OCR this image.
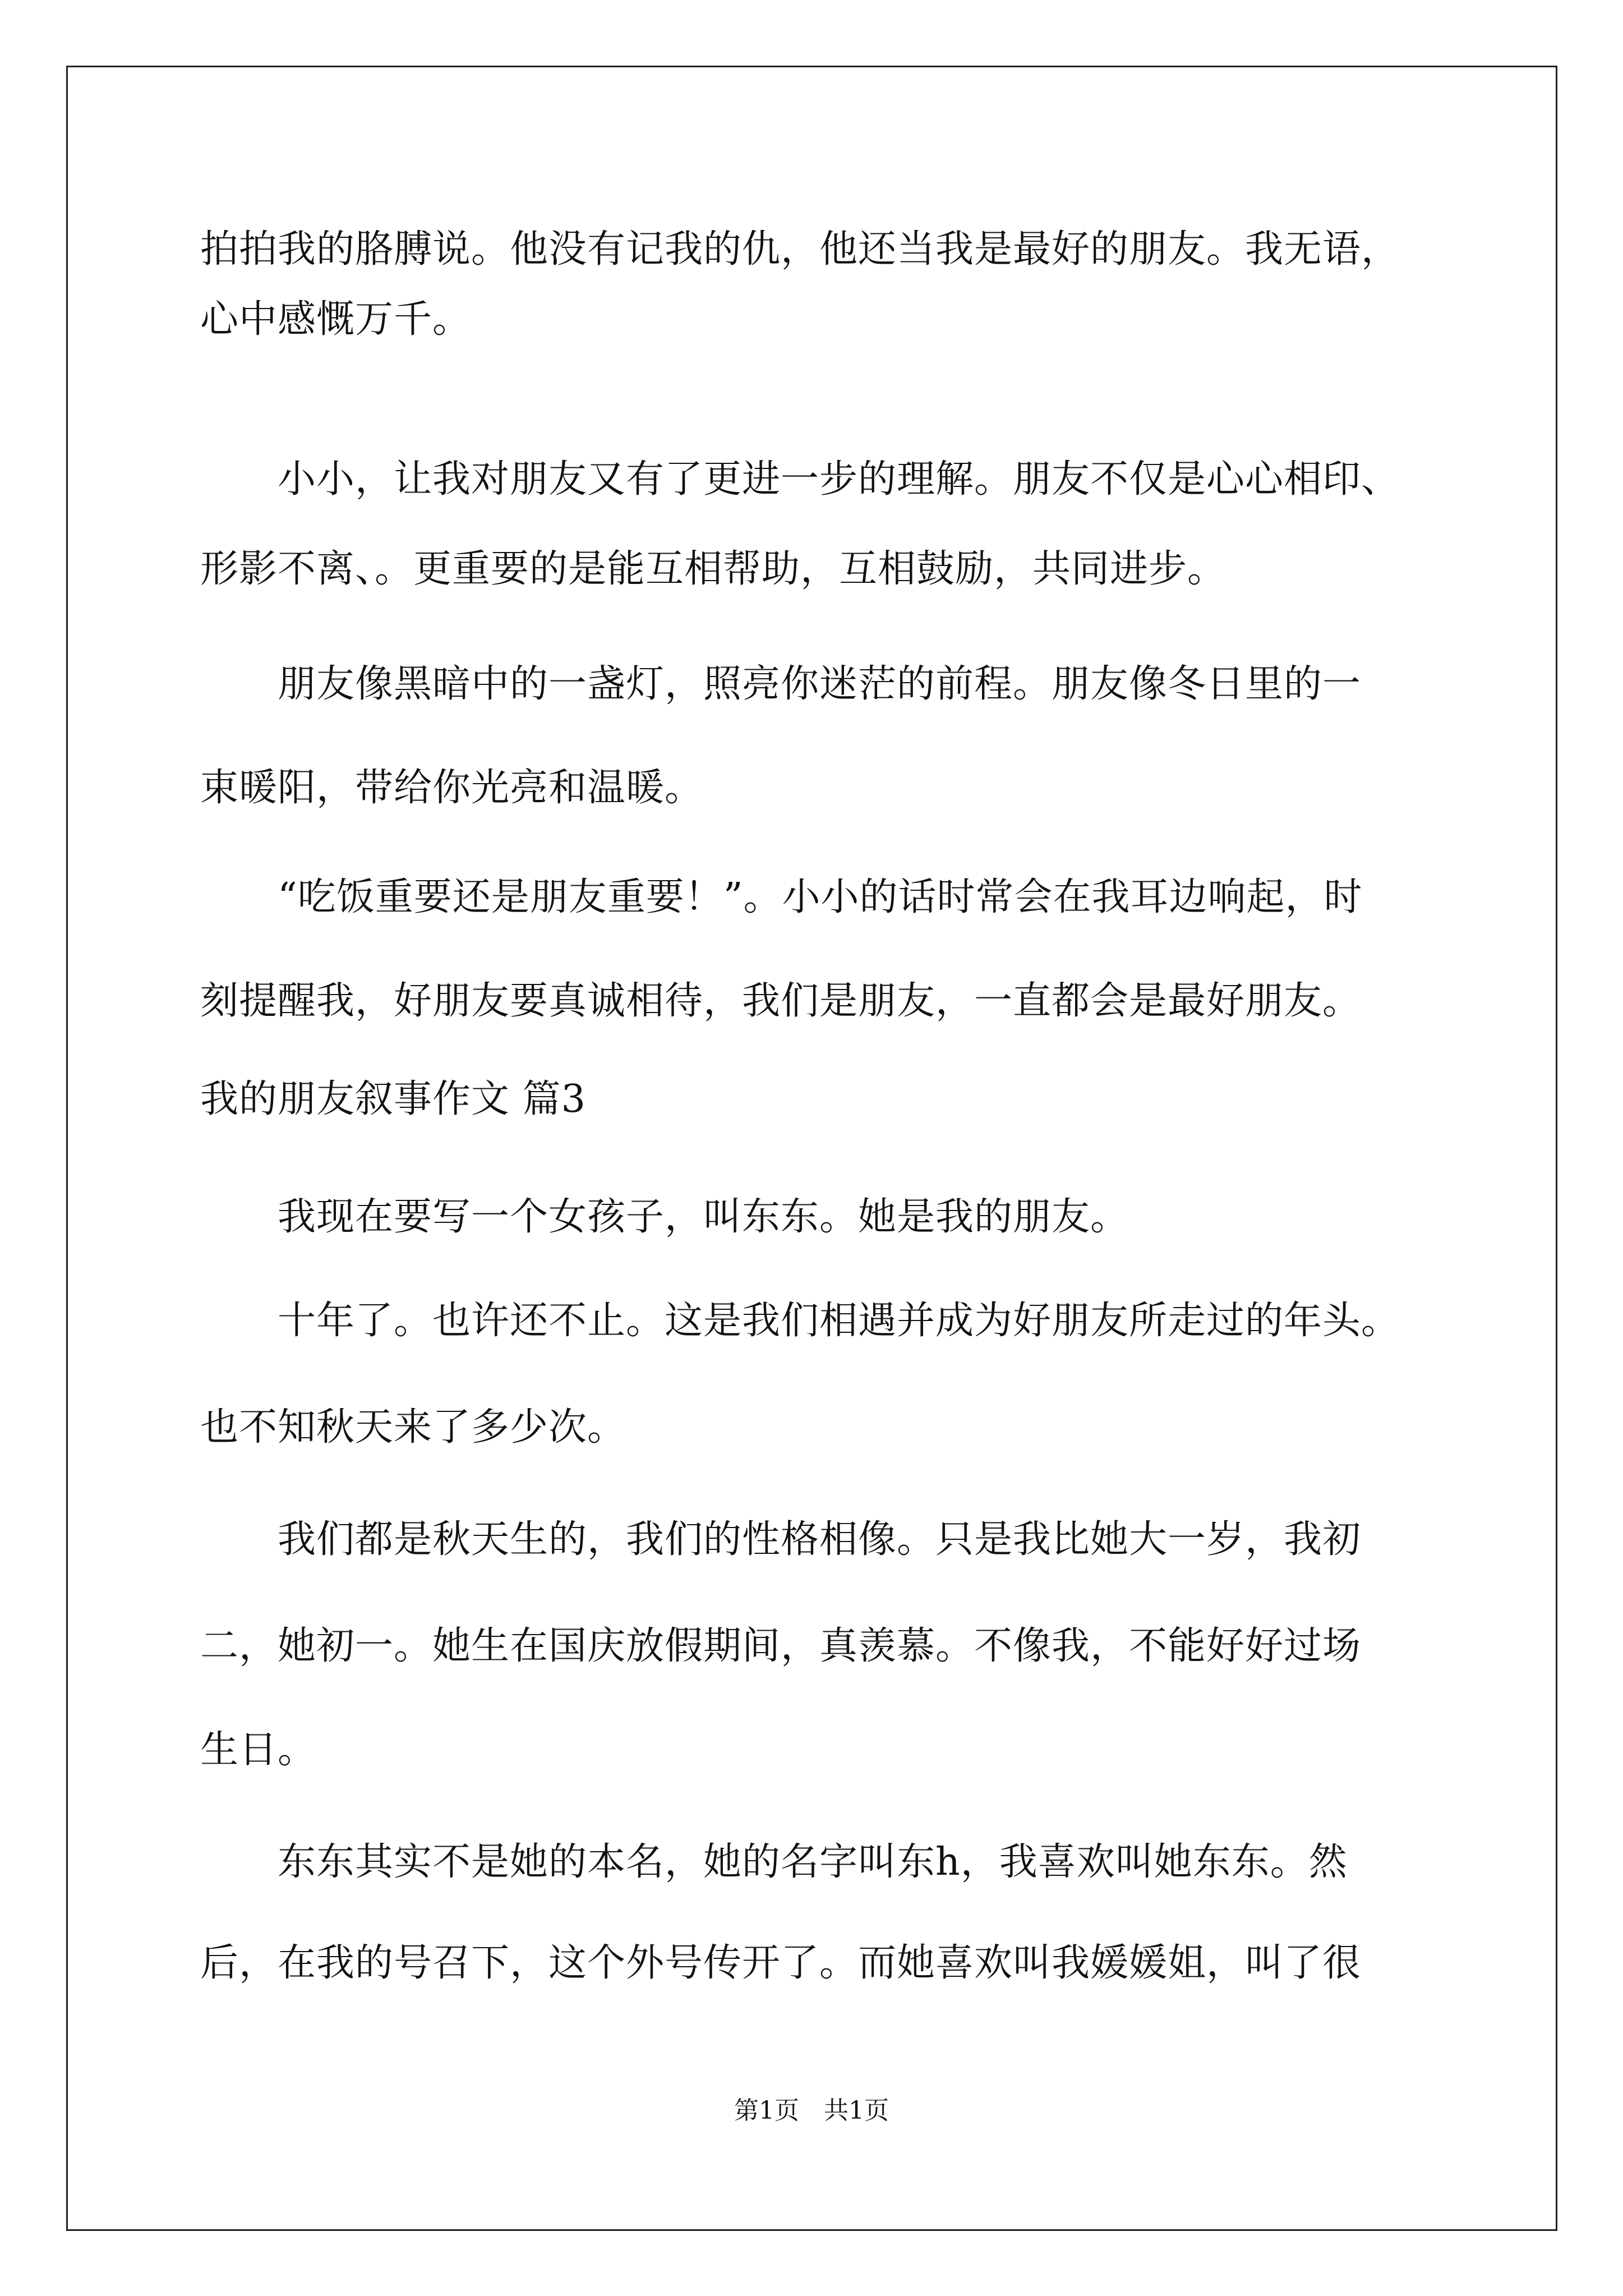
拍拍我的胳膊说。他没有记我的仇，他还当我是最好的朋友。我无语，
心中感慨万千。
　　小小，让我对朋友又有了更进一步的理解。朋友不仅是心心相印、
形影不离、。更重要的是能互相帮助，互相鼓励，共同进步。
　　朋友像黑暗中的一盏灯，照亮你迷茫的前程。朋友像冬日里的一
束暖阳，带给你光亮和温暖。
　　“吃饭重要还是朋友重要！”。小小的话时常会在我耳边响起，时
刻提醒我，好朋友要真诚相待，我们是朋友，一直都会是最好朋友。
我的朋友叙事作文 篇3
　　我现在要写一个女孩子，叫东东。她是我的朋友。
　　十年了。也许还不止。这是我们相遇并成为好朋友所走过的年头。
也不知秋天来了多少次。
　　我们都是秋天生的，我们的性格相像。只是我比她大一岁，我初
二，她初一。她生在国庆放假期间，真羡慕。不像我，不能好好过场
生日。
　　东东其实不是她的本名，她的名字叫东h，我喜欢叫她东东。然
后，在我的号召下，这个外号传开了。而她喜欢叫我媛媛姐，叫了很
第1页　共1页
